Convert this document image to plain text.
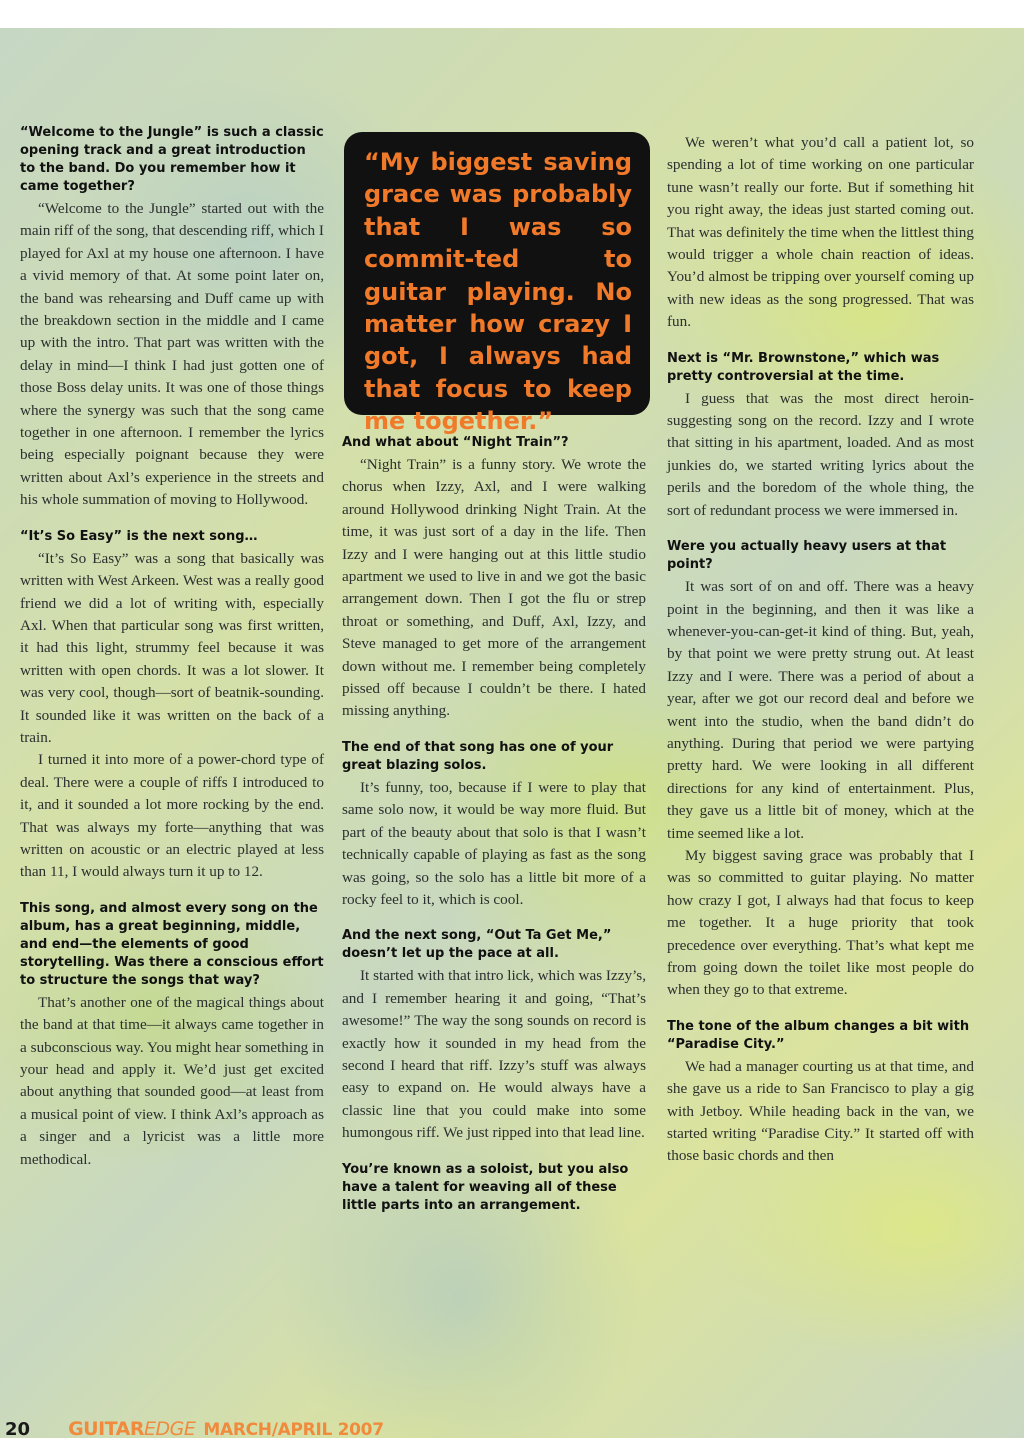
“Welcome to the Jungle” is such a classic opening track and a great introduction to the band. Do you remember how it came together?

“Welcome to the Jungle” started out with the main riff of the song, that descending riff, which I played for Axl at my house one afternoon. I have a vivid memory of that. At some point later on, the band was rehearsing and Duff came up with the breakdown section in the middle and I came up with the intro. That part was written with the delay in mind—I think I had just gotten one of those Boss delay units. It was one of those things where the synergy was such that the song came together in one afternoon. I remember the lyrics being especially poignant because they were written about Axl’s experience in the streets and his whole summation of moving to Hollywood.

“It’s So Easy” is the next song…

“It’s So Easy” was a song that basically was written with West Arkeen. West was a really good friend we did a lot of writing with, especially Axl. When that particular song was first written, it had this light, strummy feel because it was written with open chords. It was a lot slower. It was very cool, though—sort of beatnik-sounding. It sounded like it was written on the back of a train.

I turned it into more of a power-chord type of deal. There were a couple of riffs I introduced to it, and it sounded a lot more rocking by the end. That was always my forte—anything that was written on acoustic or an electric played at less than 11, I would always turn it up to 12.

This song, and almost every song on the album, has a great beginning, middle, and end—the elements of good storytelling. Was there a conscious effort to structure the songs that way?

That’s another one of the magical things about the band at that time—it always came together in a subconscious way. You might hear something in your head and apply it. We’d just get excited about anything that sounded good—at least from a musical point of view. I think Axl’s approach as a singer and a lyricist was a little more methodical.

“My biggest saving grace was probably that I was so commit-ted to guitar playing. No matter how crazy I got, I always had that focus to keep me together.”

And what about “Night Train”?

“Night Train” is a funny story. We wrote the chorus when Izzy, Axl, and I were walking around Hollywood drinking Night Train. At the time, it was just sort of a day in the life. Then Izzy and I were hanging out at this little studio apartment we used to live in and we got the basic arrangement down. Then I got the flu or strep throat or something, and Duff, Axl, Izzy, and Steve managed to get more of the arrangement down without me. I remember being completely pissed off because I couldn’t be there. I hated missing anything.

The end of that song has one of your great blazing solos.

It’s funny, too, because if I were to play that same solo now, it would be way more fluid. But part of the beauty about that solo is that I wasn’t technically capable of playing as fast as the song was going, so the solo has a little bit more of a rocky feel to it, which is cool.

And the next song, “Out Ta Get Me,” doesn’t let up the pace at all.

It started with that intro lick, which was Izzy’s, and I remember hearing it and going, “That’s awesome!” The way the song sounds on record is exactly how it sounded in my head from the second I heard that riff. Izzy’s stuff was always easy to expand on. He would always have a classic line that you could make into some humongous riff. We just ripped into that lead line.

You’re known as a soloist, but you also have a talent for weaving all of these little parts into an arrangement.

We weren’t what you’d call a patient lot, so spending a lot of time working on one particular tune wasn’t really our forte. But if something hit you right away, the ideas just started coming out. That was definitely the time when the littlest thing would trigger a whole chain reaction of ideas. You’d almost be tripping over yourself coming up with new ideas as the song progressed. That was fun.

Next is “Mr. Brownstone,” which was pretty controversial at the time.

I guess that was the most direct heroin-suggesting song on the record. Izzy and I wrote that sitting in his apartment, loaded. And as most junkies do, we started writing lyrics about the perils and the boredom of the whole thing, the sort of redundant process we were immersed in.

Were you actually heavy users at that point?

It was sort of on and off. There was a heavy point in the beginning, and then it was like a whenever-you-can-get-it kind of thing. But, yeah, by that point we were pretty strung out. At least Izzy and I were. There was a period of about a year, after we got our record deal and before we went into the studio, when the band didn’t do anything. During that period we were partying pretty hard. We were looking in all different directions for any kind of entertainment. Plus, they gave us a little bit of money, which at the time seemed like a lot.

My biggest saving grace was probably that I was so committed to guitar playing. No matter how crazy I got, I always had that focus to keep me together. It a huge priority that took precedence over everything. That’s what kept me from going down the toilet like most people do when they go to that extreme.

The tone of the album changes a bit with “Paradise City.”

We had a manager courting us at that time, and she gave us a ride to San Francisco to play a gig with Jetboy. While heading back in the van, we started writing “Paradise City.” It started off with those basic chords and then

20 GUITAREDGE MARCH/APRIL 2007
